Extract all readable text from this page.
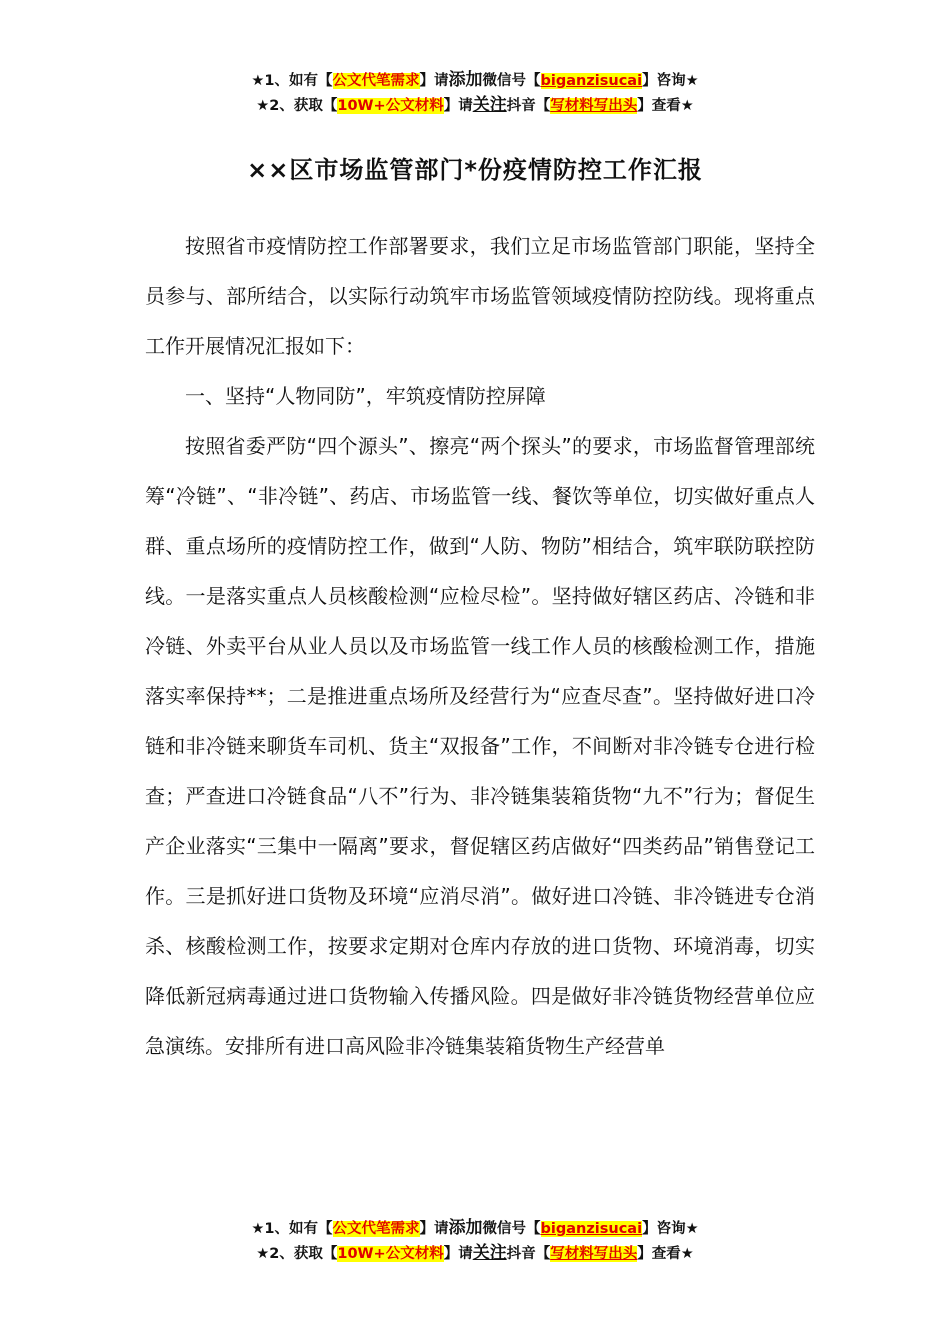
★1、如有【公文代笔需求】请添加微信号【biganzisucai】咨询★
★2、获取【10W+公文材料】请关注抖音【写材料写出头】查看★
××区市场监管部门*份疫情防控工作汇报

按照省市疫情防控工作部署要求，我们立足市场监管部门职能，坚持全员参与、部所结合，以实际行动筑牢市场监管领域疫情防控防线。现将重点工作开展情况汇报如下：

一、坚持“人物同防”，牢筑疫情防控屏障

按照省委严防“四个源头”、擦亮“两个探头”的要求，市场监督管理部统筹“冷链”、“非冷链”、药店、市场监管一线、餐饮等单位，切实做好重点人群、重点场所的疫情防控工作，做到“人防、物防”相结合，筑牢联防联控防线。一是落实重点人员核酸检测“应检尽检”。坚持做好辖区药店、冷链和非冷链、外卖平台从业人员以及市场监管一线工作人员的核酸检测工作，措施落实率保持**；二是推进重点场所及经营行为“应查尽查”。坚持做好进口冷链和非冷链来聊货车司机、货主“双报备”工作，不间断对非冷链专仓进行检查；严查进口冷链食品“八不”行为、非冷链集装箱货物“九不”行为；督促生产企业落实“三集中一隔离”要求，督促辖区药店做好“四类药品”销售登记工作。三是抓好进口货物及环境“应消尽消”。做好进口冷链、非冷链进专仓消杀、核酸检测工作，按要求定期对仓库内存放的进口货物、环境消毒，切实降低新冠病毒通过进口货物输入传播风险。四是做好非冷链货物经营单位应急演练。安排所有进口高风险非冷链集装箱货物生产经营单

★1、如有【公文代笔需求】请添加微信号【biganzisucai】咨询★
★2、获取【10W+公文材料】请关注抖音【写材料写出头】查看★
